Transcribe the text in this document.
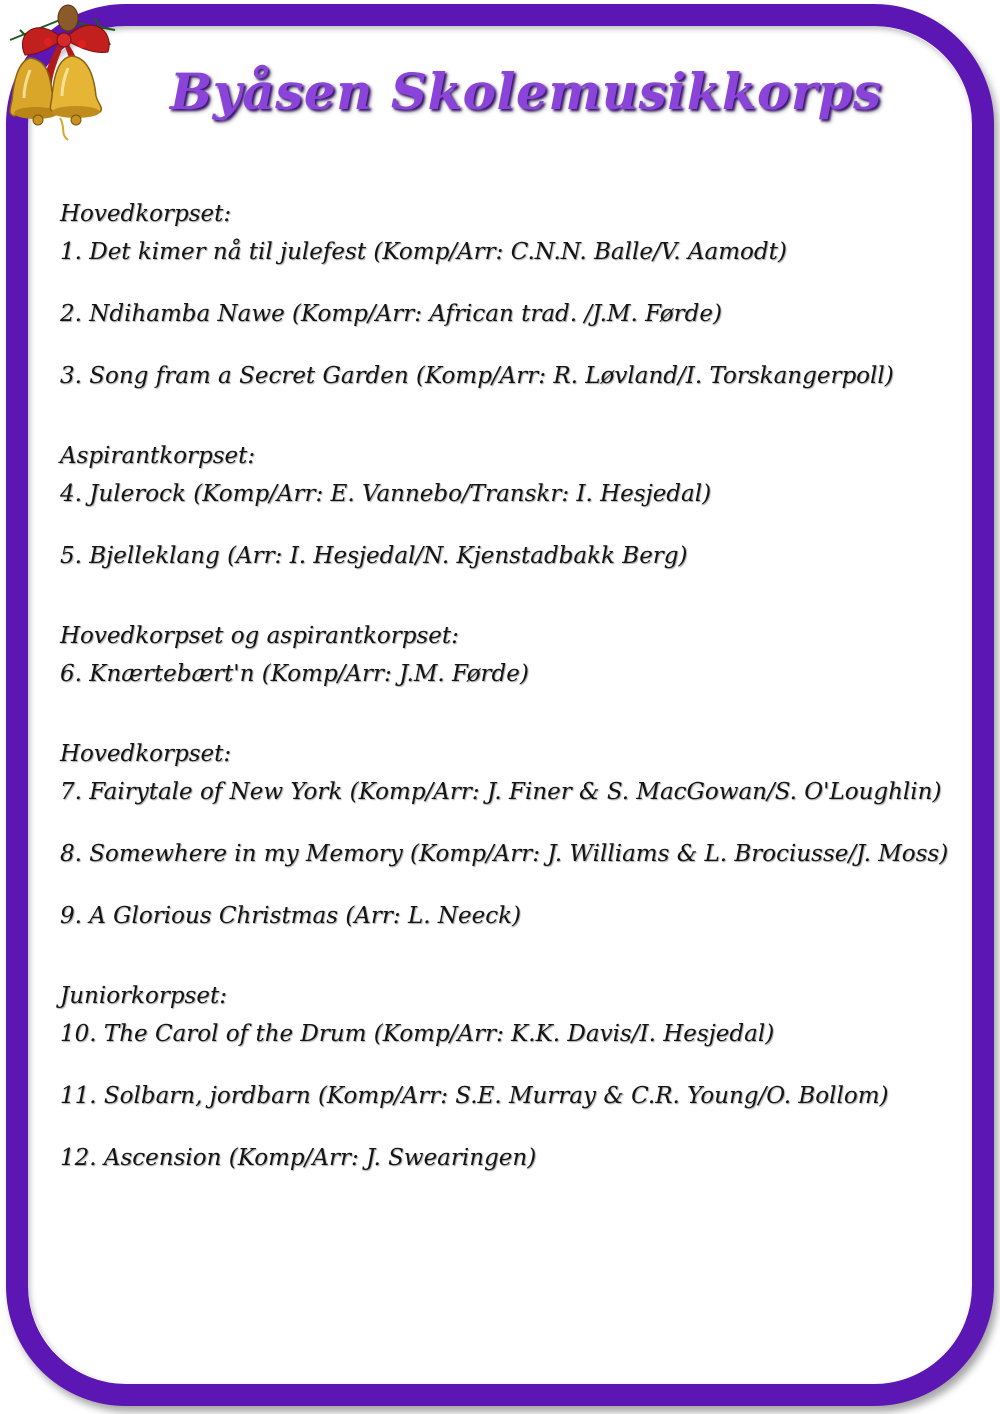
Byåsen Skolemusikkorps

Hovedkorpset:

1. Det kimer nå til julefest (Komp/Arr: C.N.N. Balle/V. Aamodt)

2. Ndihamba Nawe (Komp/Arr: African trad. /J.M. Førde)

3. Song fram a Secret Garden (Komp/Arr: R. Løvland/I. Torskangerpoll)

Aspirantkorpset:

4. Julerock (Komp/Arr: E. Vannebo/Transkr: I. Hesjedal)

5. Bjelleklang (Arr: I. Hesjedal/N. Kjenstadbakk Berg)

Hovedkorpset og aspirantkorpset:

6. Knærtebært'n (Komp/Arr: J.M. Førde)

Hovedkorpset:

7. Fairytale of New York (Komp/Arr: J. Finer & S. MacGowan/S. O'Loughlin)

8. Somewhere in my Memory (Komp/Arr: J. Williams & L. Brociusse/J. Moss)

9. A Glorious Christmas (Arr: L. Neeck)

Juniorkorpset:

10. The Carol of the Drum (Komp/Arr: K.K. Davis/I. Hesjedal)

11. Solbarn, jordbarn (Komp/Arr: S.E. Murray & C.R. Young/O. Bollom)

12. Ascension (Komp/Arr: J. Swearingen)
